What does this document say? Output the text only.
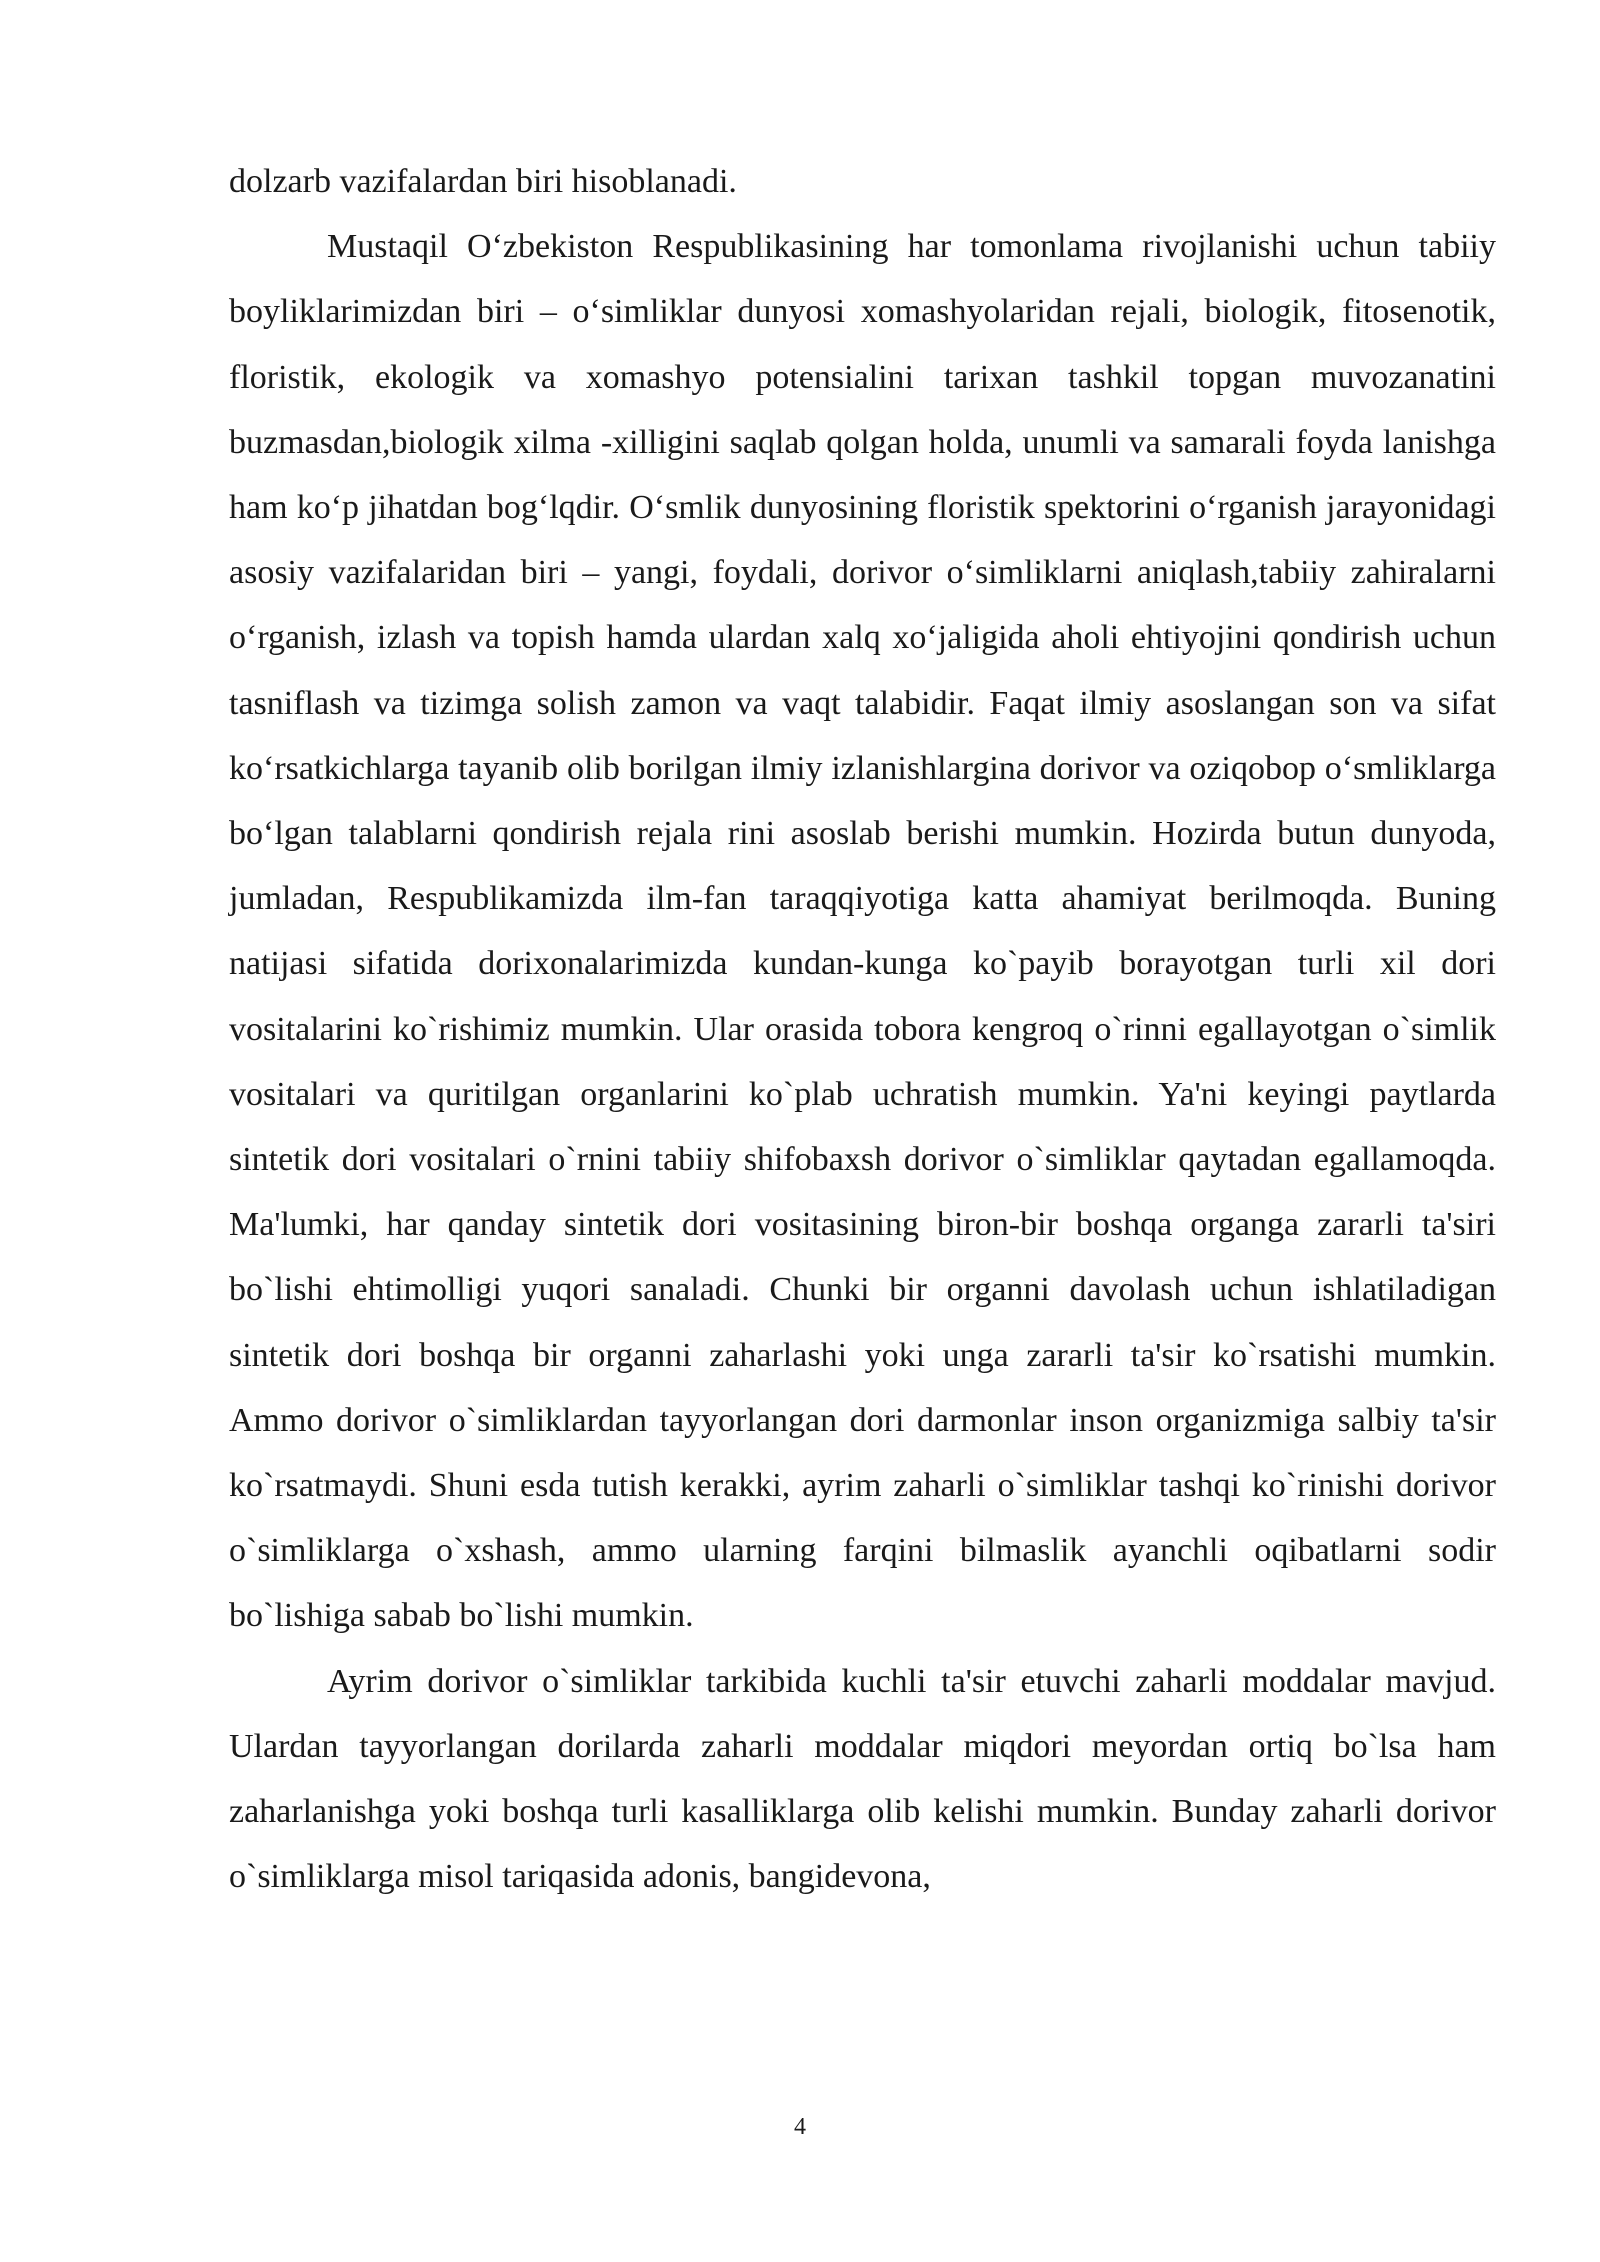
dolzarb vazifalardan biri hisoblanadi.

Mustaqil O‘zbekiston Respublikasining har tomonlama rivojlanishi uchun tabiiy boyliklarimizdan biri – o‘simliklar dunyosi xomashyolaridan rejali, biologik, fitosenotik, floristik, ekologik va xomashyo potensialini tarixan tashkil topgan muvozanatini buzmasdan,biologik xilma -xilligini saqlab qolgan holda, unumli va samarali foyda lanishga ham ko‘p jihatdan bog‘lqdir. O‘smlik dunyosining floristik spektorini o‘rganish jarayonidagi asosiy vazifalaridan biri – yangi, foydali, dorivor o‘simliklarni aniqlash,tabiiy zahiralarni o‘rganish, izlash va topish hamda ulardan xalq xo‘jaligida aholi ehtiyojini qondirish uchun tasniflash va tizimga solish zamon va vaqt talabidir. Faqat ilmiy asoslangan son va sifat ko‘rsatkichlarga tayanib olib borilgan ilmiy izlanishlargina dorivor va oziqobop o‘smliklarga bo‘lgan talablarni qondirish rejala rini asoslab berishi mumkin. Hozirda butun dunyoda, jumladan, Respublikamizda ilm-fan taraqqiyotiga katta ahamiyat berilmoqda. Buning natijasi sifatida dorixonalarimizda kundan-kunga ko`payib borayotgan turli xil dori vositalarini ko`rishimiz mumkin. Ular orasida tobora kengroq o`rinni egallayotgan o`simlik vositalari va quritilgan organlarini ko`plab uchratish mumkin. Ya'ni keyingi paytlarda sintetik dori vositalari o`rnini tabiiy shifobaxsh dorivor o`simliklar qaytadan egallamoqda. Ma'lumki, har qanday sintetik dori vositasining biron-bir boshqa organga zararli ta'siri bo`lishi ehtimolligi yuqori sanaladi. Chunki bir organni davolash uchun ishlatiladigan sintetik dori boshqa bir organni zaharlashi yoki unga zararli ta'sir ko`rsatishi mumkin. Ammo dorivor o`simliklardan tayyorlangan dori darmonlar inson organizmiga salbiy ta'sir ko`rsatmaydi. Shuni esda tutish kerakki, ayrim zaharli o`simliklar tashqi ko`rinishi dorivor o`simliklarga o`xshash, ammo ularning farqini bilmaslik ayanchli oqibatlarni sodir bo`lishiga sabab bo`lishi mumkin.

Ayrim dorivor o`simliklar tarkibida kuchli ta'sir etuvchi zaharli moddalar mavjud. Ulardan tayyorlangan dorilarda zaharli moddalar miqdori meyordan ortiq bo`lsa ham zaharlanishga yoki boshqa turli kasalliklarga olib kelishi mumkin. Bunday zaharli dorivor o`simliklarga misol tariqasida adonis, bangidevona,

4
